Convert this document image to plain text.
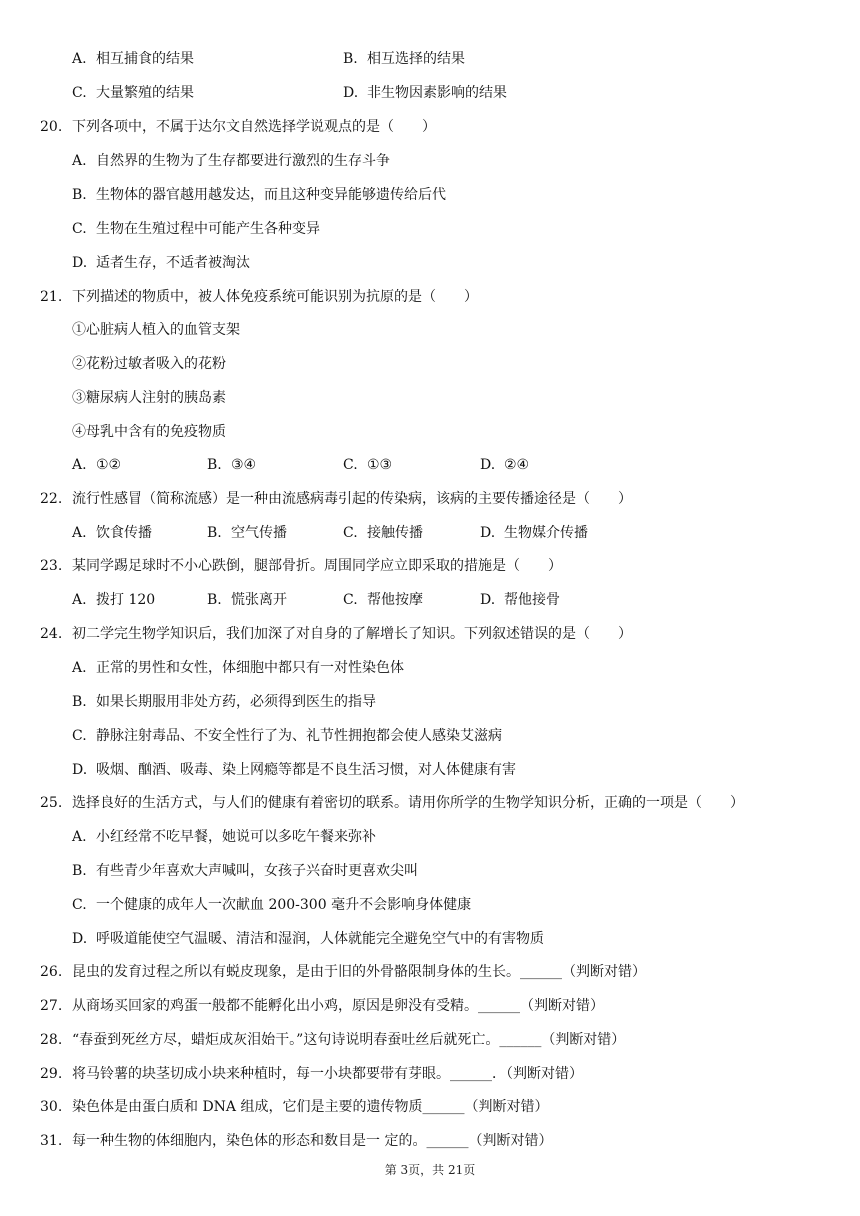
A. 相互捕食的结果	B. 相互选择的结果
C. 大量繁殖的结果	D. 非生物因素影响的结果
20. 下列各项中，不属于达尔文自然选择学说观点的是（　　）
A. 自然界的生物为了生存都要进行激烈的生存斗争
B. 生物体的器官越用越发达，而且这种变异能够遗传给后代
C. 生物在生殖过程中可能产生各种变异
D. 适者生存，不适者被淘汰
21. 下列描述的物质中，被人体免疫系统可能识别为抗原的是（　　）
①心脏病人植入的血管支架
②花粉过敏者吸入的花粉
③糖尿病人注射的胰岛素
④母乳中含有的免疫物质
A. ①②	B. ③④	C. ①③	D. ②④
22. 流行性感冒（简称流感）是一种由流感病毒引起的传染病，该病的主要传播途径是（　　）
A. 饮食传播	B. 空气传播	C. 接触传播	D. 生物媒介传播
23. 某同学踢足球时不小心跌倒，腿部骨折。周围同学应立即采取的措施是（　　）
A. 拨打 120	B. 慌张离开	C. 帮他按摩	D. 帮他接骨
24. 初二学完生物学知识后，我们加深了对自身的了解增长了知识。下列叙述错误的是（　　）
A. 正常的男性和女性，体细胞中都只有一对性染色体
B. 如果长期服用非处方药，必须得到医生的指导
C. 静脉注射毒品、不安全性行了为、礼节性拥抱都会使人感染艾滋病
D. 吸烟、酗酒、吸毒、染上网瘾等都是不良生活习惯，对人体健康有害
25. 选择良好的生活方式，与人们的健康有着密切的联系。请用你所学的生物学知识分析，正确的一项是（　　）
A. 小红经常不吃早餐，她说可以多吃午餐来弥补
B. 有些青少年喜欢大声喊叫，女孩子兴奋时更喜欢尖叫
C. 一个健康的成年人一次献血 200-300 毫升不会影响身体健康
D. 呼吸道能使空气温暖、清洁和湿润，人体就能完全避免空气中的有害物质
26. 昆虫的发育过程之所以有蜕皮现象，是由于旧的外骨骼限制身体的生长。______（判断对错）
27. 从商场买回家的鸡蛋一般都不能孵化出小鸡，原因是卵没有受精。______（判断对错）
28. “春蚕到死丝方尽，蜡炬成灰泪始干。”这句诗说明春蚕吐丝后就死亡。______（判断对错）
29. 将马铃薯的块茎切成小块来种植时，每一小块都要带有芽眼。______．（判断对错）
30. 染色体是由蛋白质和 DNA 组成，它们是主要的遗传物质______（判断对错）
31. 每一种生物的体细胞内，染色体的形态和数目是一 定的。______（判断对错）
第 3页，共 21页
